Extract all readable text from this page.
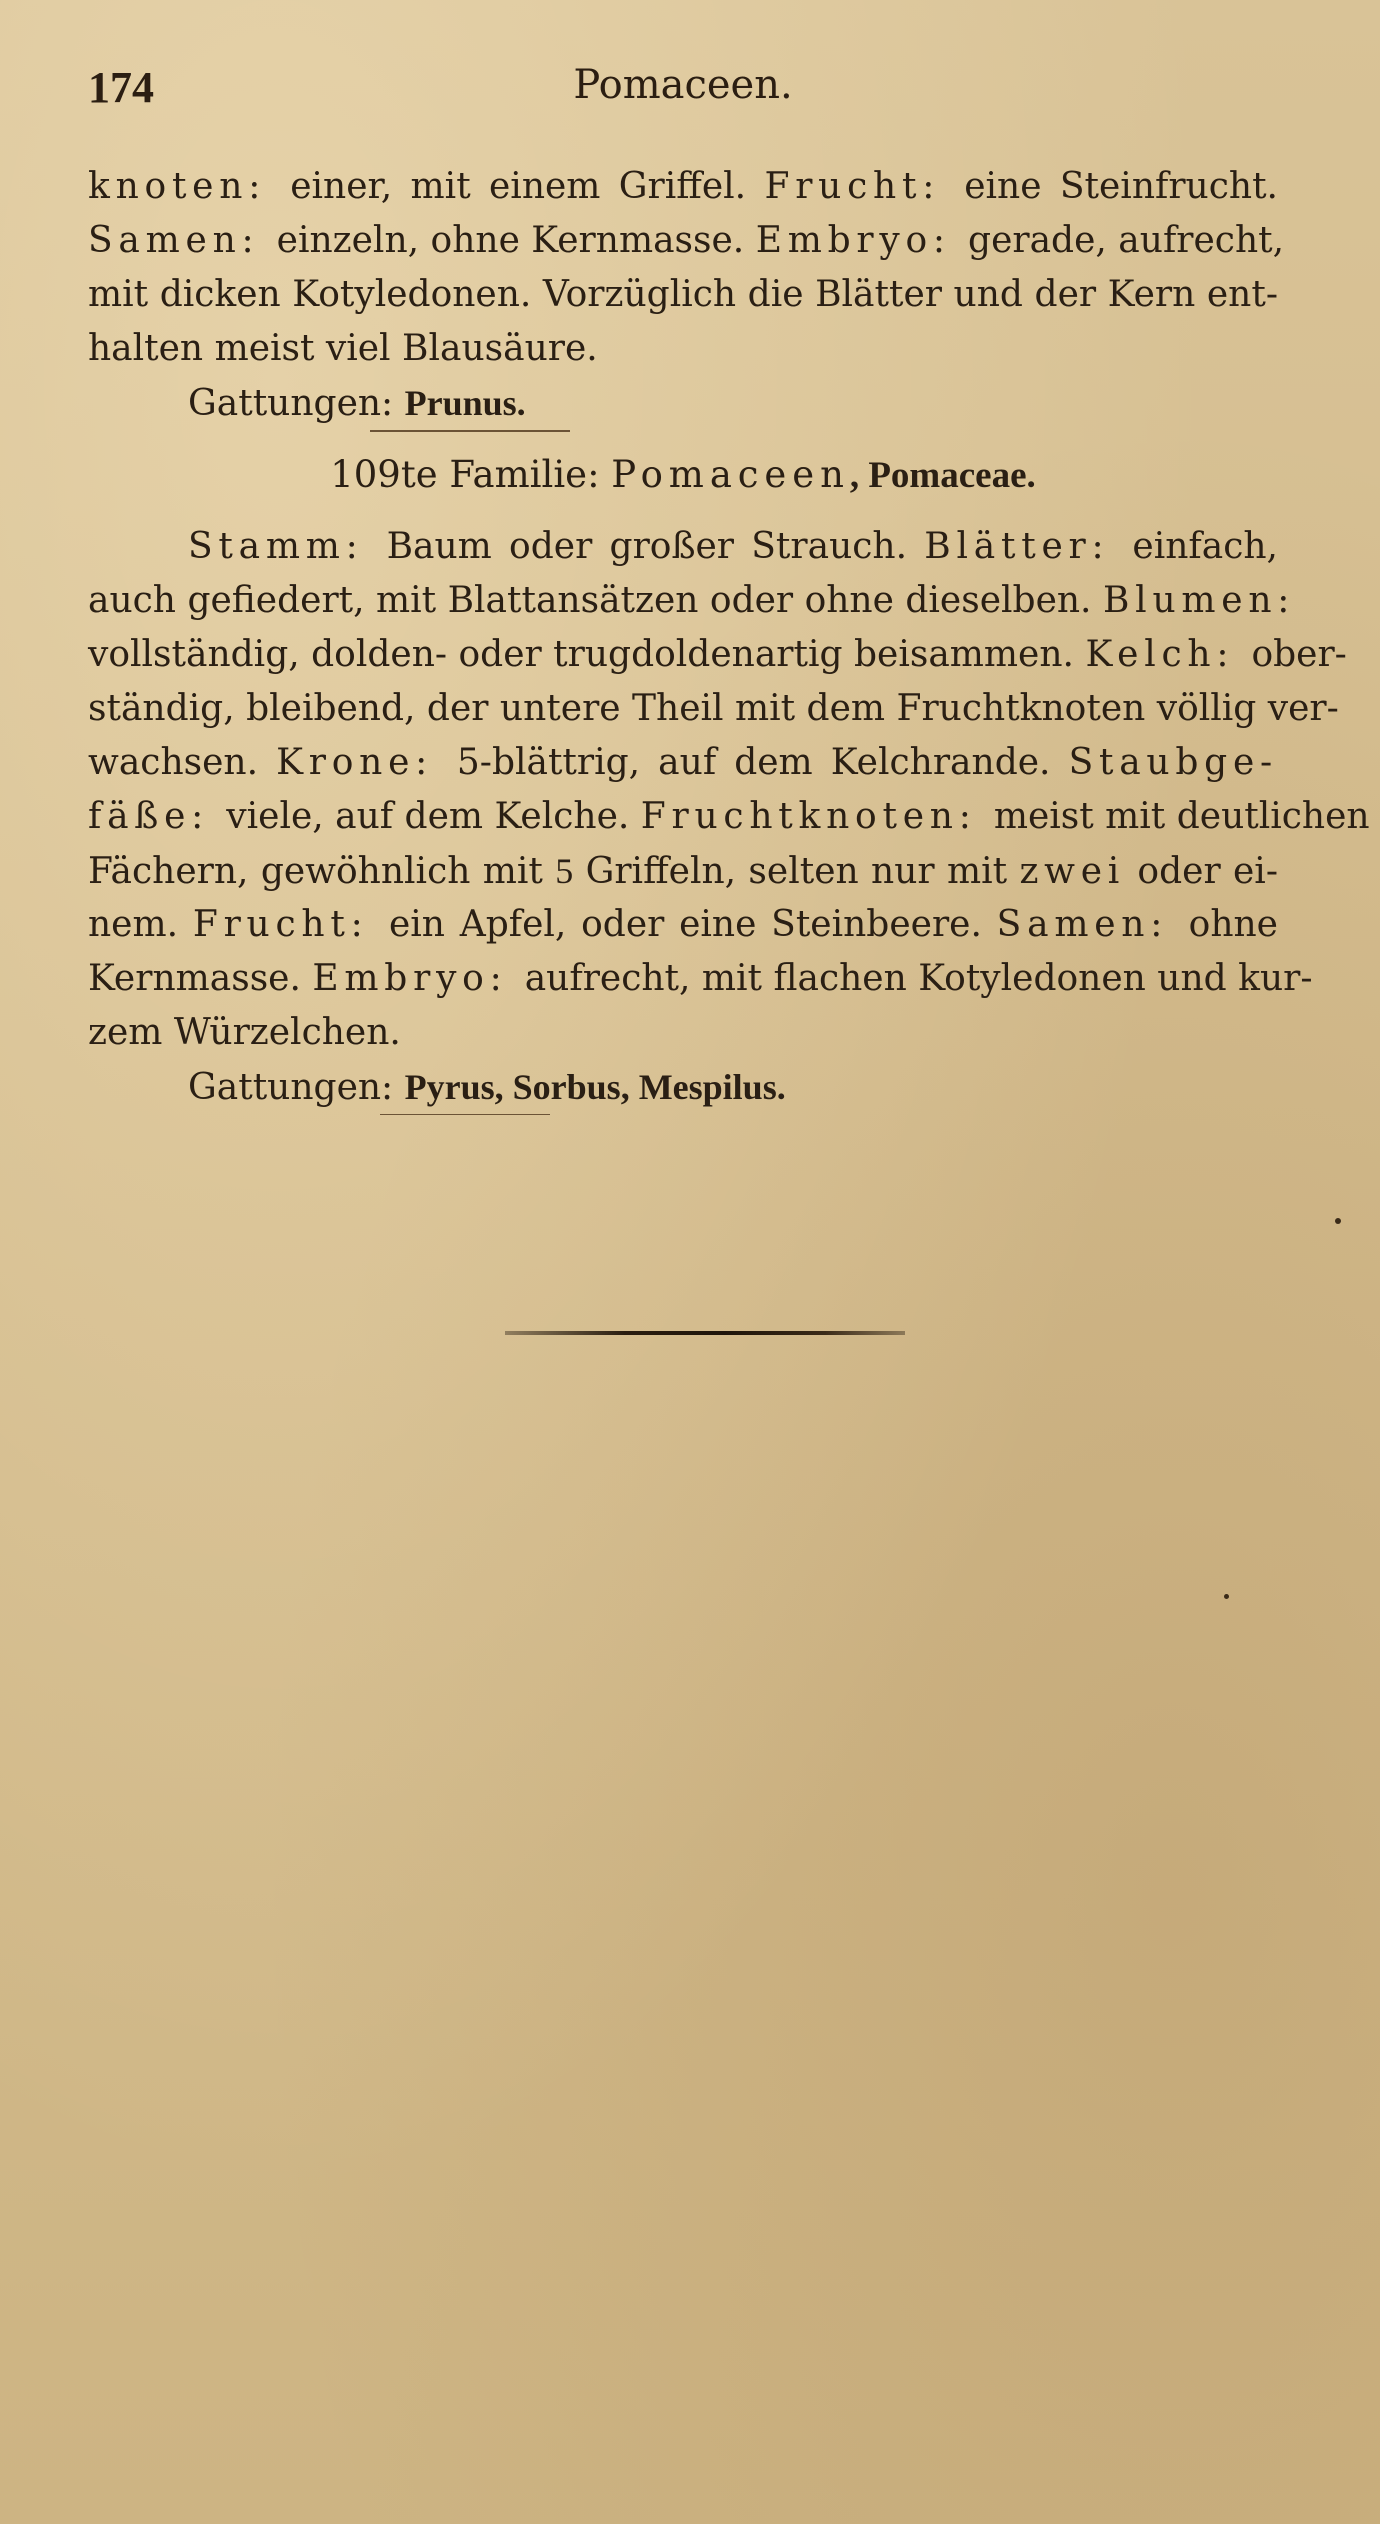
174	Pomaceen.
knoten: einer, mit einem Griffel. Frucht: eine Steinfrucht.
Samen: einzeln, ohne Kernmasse. Embryo: gerade, aufrecht,
mit dicken Kotyledonen. Vorzüglich die Blätter und der Kern ent-
halten meist viel Blausäure.
Gattungen: Prunus.
109te Familie: Pomaceen, Pomaceae.
Stamm: Baum oder großer Strauch. Blätter: einfach,
auch gefiedert, mit Blattansätzen oder ohne dieselben. Blumen:
vollständig, dolden- oder trugdoldenartig beisammen. Kelch: ober-
ständig, bleibend, der untere Theil mit dem Fruchtknoten völlig ver-
wachsen. Krone: 5-blättrig, auf dem Kelchrande. Staubge-
fäße: viele, auf dem Kelche. Fruchtknoten: meist mit deutlichen
Fächern, gewöhnlich mit 5 Griffeln, selten nur mit zwei oder ei-
nem. Frucht: ein Apfel, oder eine Steinbeere. Samen: ohne
Kernmasse. Embryo: aufrecht, mit flachen Kotyledonen und kur-
zem Würzelchen.
Gattungen: Pyrus, Sorbus, Mespilus.
